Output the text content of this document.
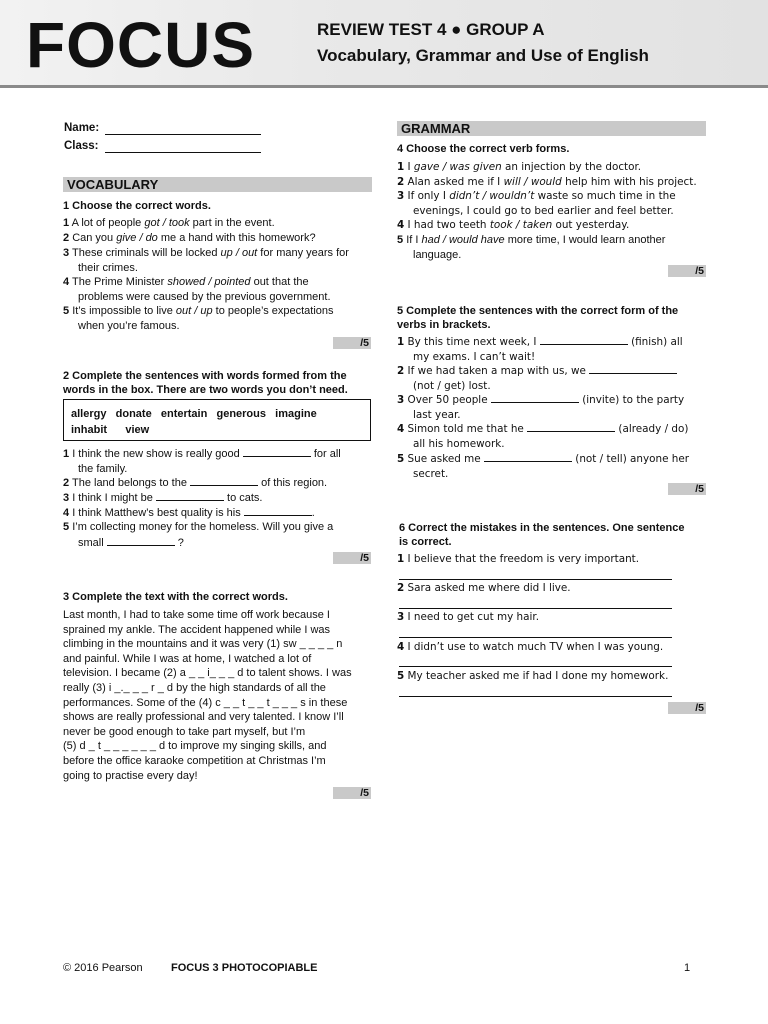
FOCUS	REVIEW TEST 4 ● GROUP A
Vocabulary, Grammar and Use of English
Name:
Class:
VOCABULARY
1 Choose the correct words.
1 A lot of people got / took part in the event.
2 Can you give / do me a hand with this homework?
3 These criminals will be locked up / out for many years for
their crimes.
4 The Prime Minister showed / pointed out that the
problems were caused by the previous government.
5 It’s impossible to live out / up to people’s expectations
when you’re famous.
/5
2 Complete the sentences with words formed from the
words in the box. There are two words you don’t need.
allergy   donate   entertain   generous   imagine
inhabit      view
1 I think the new show is really good	for all
the family.
2 The land belongs to the	of this region.
3 I think I might be	to cats.
4 I think Matthew’s best quality is his	.
5 I’m collecting money for the homeless. Will you give a
small	?
/5
3 Complete the text with the correct words.
Last month, I had to take some time off work because I
sprained my ankle. The accident happened while I was
climbing in the mountains and it was very (1) sw _ _ _ _ n
and painful. While I was at home, I watched a lot of
television. I became (2) a _ _ i_ _ _ d to talent shows. I was
really (3) i _._ _ _ r _ d by the high standards of all the
performances. Some of the (4) c _ _ t _ _ t _ _ _ s in these
shows are really professional and very talented. I know I’ll
never be good enough to take part myself, but I’m
(5) d _ t _ _ _ _ _ _ d to improve my singing skills, and
before the office karaoke competition at Christmas I’m
going to practise every day!
/5
GRAMMAR
4 Choose the correct verb forms.
1 I gave / was given an injection by the doctor.
2 Alan asked me if I will / would help him with his project.
3 If only I didn’t / wouldn’t waste so much time in the
evenings, I could go to bed earlier and feel better.
4 I had two teeth took / taken out yesterday.
5 If I had / would have more time, I would learn another
language.
/5
5 Complete the sentences with the correct form of the
verbs in brackets.
1 By this time next week, I	(finish) all
my exams. I can’t wait!
2 If we had taken a map with us, we
(not / get) lost.
3 Over 50 people	(invite) to the party
last year.
4 Simon told me that he	(already / do)
all his homework.
5 Sue asked me	(not / tell) anyone her
secret.
/5
6 Correct the mistakes in the sentences. One sentence
is correct.
1 I believe that the freedom is very important.
2 Sara asked me where did I live.
3 I need to get cut my hair.
4 I didn’t use to watch much TV when I was young.
5 My teacher asked me if had I done my homework.
/5
© 2016 Pearson	FOCUS 3 PHOTOCOPIABLE	1
